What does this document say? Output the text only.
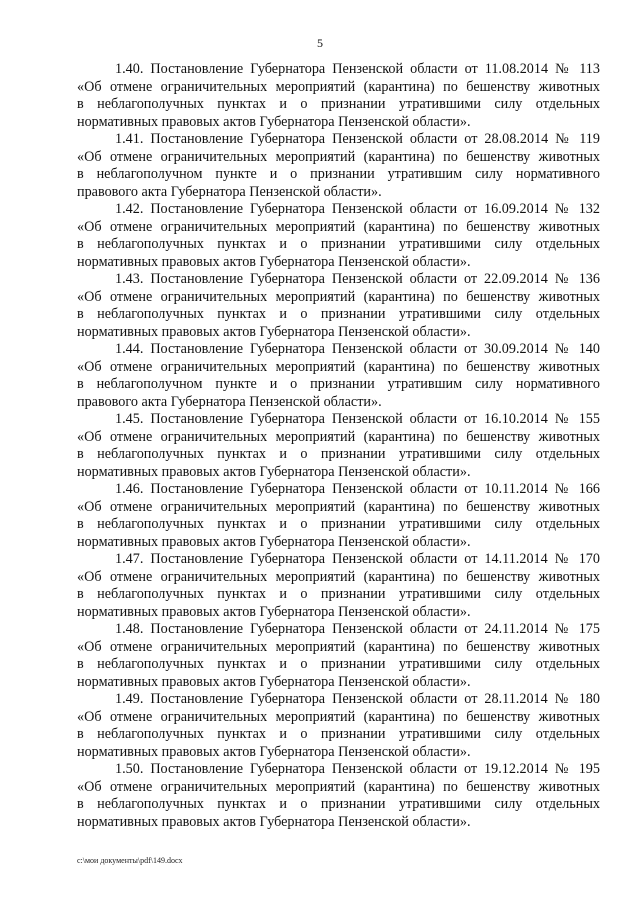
5
1.40. Постановление Губернатора Пензенской области от 11.08.2014 № 113
«Об отмене ограничительных мероприятий (карантина) по бешенству животных
в неблагополучных пунктах и о признании утратившими силу отдельных
нормативных правовых актов Губернатора Пензенской области».
1.41. Постановление Губернатора Пензенской области от 28.08.2014 № 119
«Об отмене ограничительных мероприятий (карантина) по бешенству животных
в неблагополучном пункте и о признании утратившим силу нормативного
правового акта Губернатора Пензенской области».
1.42. Постановление Губернатора Пензенской области от 16.09.2014 № 132
«Об отмене ограничительных мероприятий (карантина) по бешенству животных
в неблагополучных пунктах и о признании утратившими силу отдельных
нормативных правовых актов Губернатора Пензенской области».
1.43. Постановление Губернатора Пензенской области от 22.09.2014 № 136
«Об отмене ограничительных мероприятий (карантина) по бешенству животных
в неблагополучных пунктах и о признании утратившими силу отдельных
нормативных правовых актов Губернатора Пензенской области».
1.44. Постановление Губернатора Пензенской области от 30.09.2014 № 140
«Об отмене ограничительных мероприятий (карантина) по бешенству животных
в неблагополучном пункте и о признании утратившим силу нормативного
правового акта Губернатора Пензенской области».
1.45. Постановление Губернатора Пензенской области от 16.10.2014 № 155
«Об отмене ограничительных мероприятий (карантина) по бешенству животных
в неблагополучных пунктах и о признании утратившими силу отдельных
нормативных правовых актов Губернатора Пензенской области».
1.46. Постановление Губернатора Пензенской области от 10.11.2014 № 166
«Об отмене ограничительных мероприятий (карантина) по бешенству животных
в неблагополучных пунктах и о признании утратившими силу отдельных
нормативных правовых актов Губернатора Пензенской области».
1.47. Постановление Губернатора Пензенской области от 14.11.2014 № 170
«Об отмене ограничительных мероприятий (карантина) по бешенству животных
в неблагополучных пунктах и о признании утратившими силу отдельных
нормативных правовых актов Губернатора Пензенской области».
1.48. Постановление Губернатора Пензенской области от 24.11.2014 № 175
«Об отмене ограничительных мероприятий (карантина) по бешенству животных
в неблагополучных пунктах и о признании утратившими силу отдельных
нормативных правовых актов Губернатора Пензенской области».
1.49. Постановление Губернатора Пензенской области от 28.11.2014 № 180
«Об отмене ограничительных мероприятий (карантина) по бешенству животных
в неблагополучных пунктах и о признании утратившими силу отдельных
нормативных правовых актов Губернатора Пензенской области».
1.50. Постановление Губернатора Пензенской области от 19.12.2014 № 195
«Об отмене ограничительных мероприятий (карантина) по бешенству животных
в неблагополучных пунктах и о признании утратившими силу отдельных
нормативных правовых актов Губернатора Пензенской области».
c:\мои документы\pdf\149.docx
